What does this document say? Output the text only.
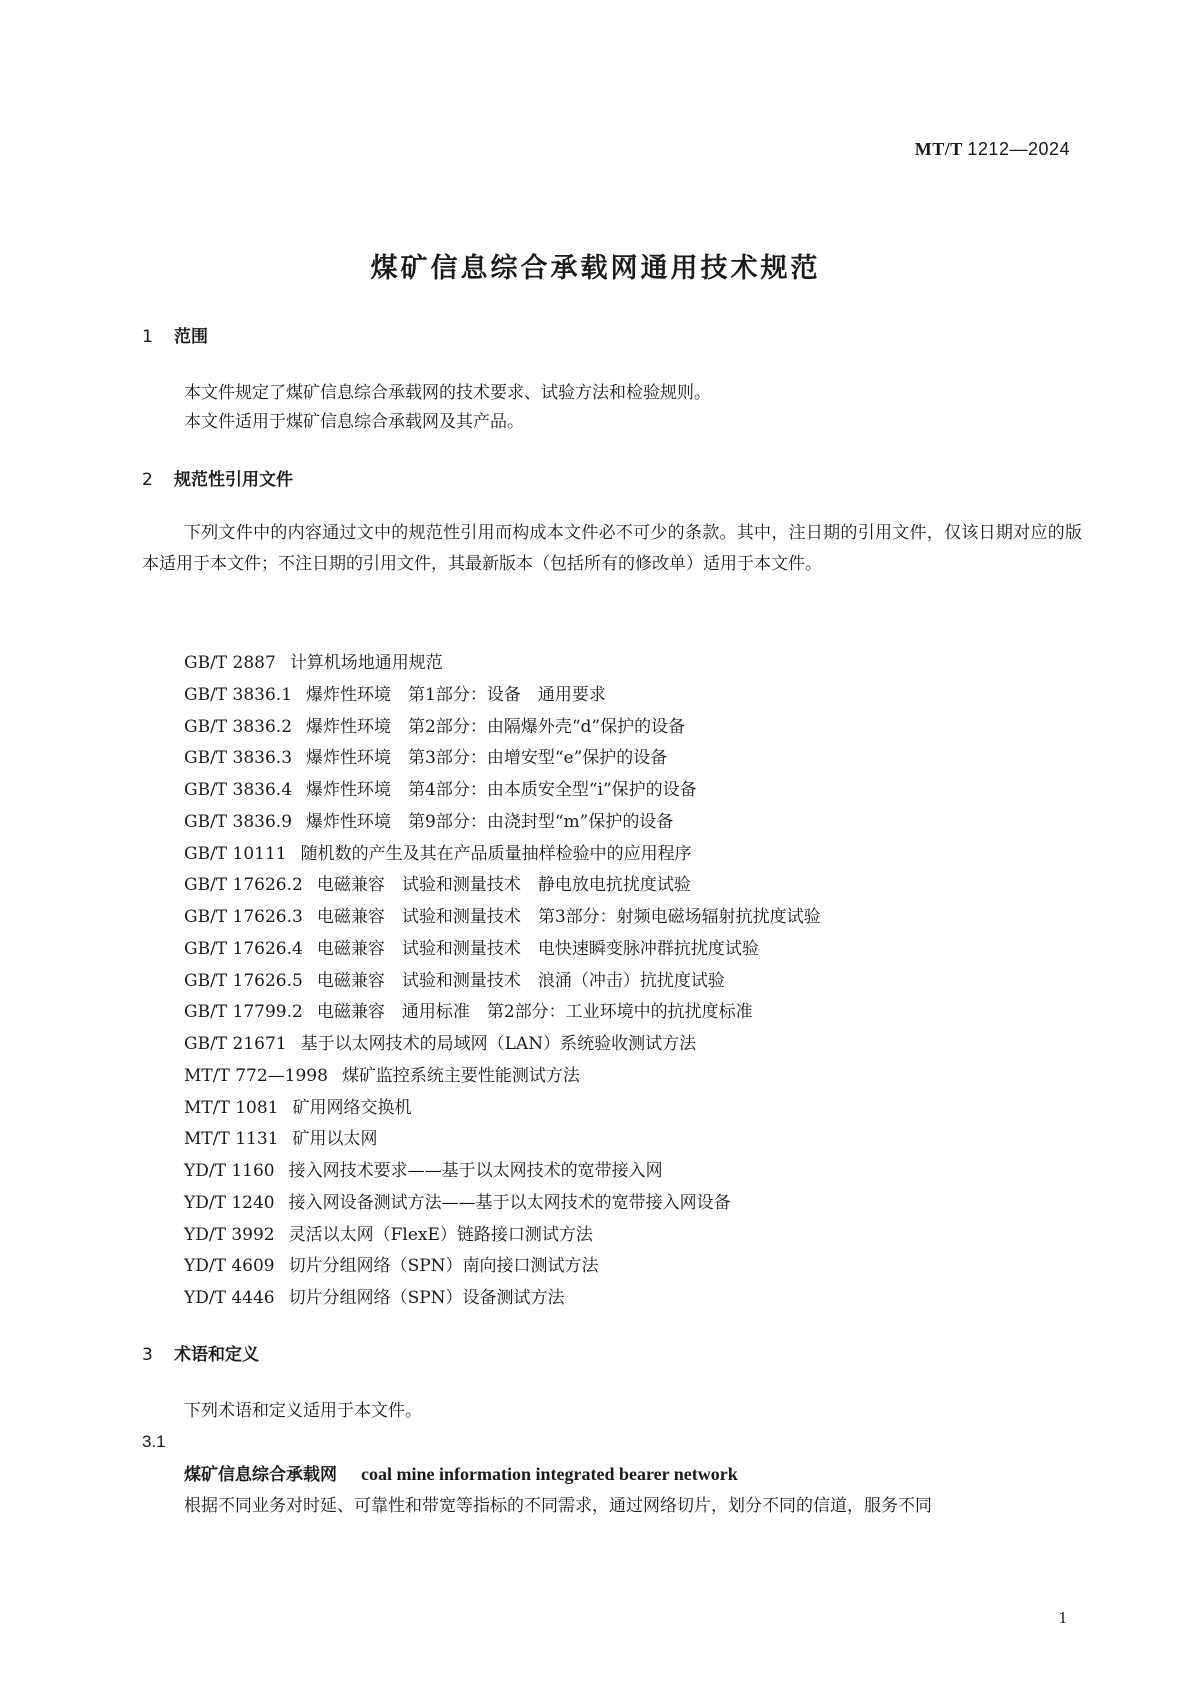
MT/T 1212—2024
煤矿信息综合承载网通用技术规范
1 范围
本文件规定了煤矿信息综合承载网的技术要求、试验方法和检验规则。
本文件适用于煤矿信息综合承载网及其产品。
2 规范性引用文件
下列文件中的内容通过文中的规范性引用而构成本文件必不可少的条款。其中，注日期的引用文件，仅该日期对应的版本适用于本文件；不注日期的引用文件，其最新版本（包括所有的修改单）适用于本文件。
GB/T 2887 计算机场地通用规范
GB/T 3836.1 爆炸性环境　第1部分：设备　通用要求
GB/T 3836.2 爆炸性环境　第2部分：由隔爆外壳“d”保护的设备
GB/T 3836.3 爆炸性环境　第3部分：由增安型“e”保护的设备
GB/T 3836.4 爆炸性环境　第4部分：由本质安全型“i”保护的设备
GB/T 3836.9 爆炸性环境　第9部分：由浇封型“m”保护的设备
GB/T 10111 随机数的产生及其在产品质量抽样检验中的应用程序
GB/T 17626.2 电磁兼容　试验和测量技术　静电放电抗扰度试验
GB/T 17626.3 电磁兼容　试验和测量技术　第3部分：射频电磁场辐射抗扰度试验
GB/T 17626.4 电磁兼容　试验和测量技术　电快速瞬变脉冲群抗扰度试验
GB/T 17626.5 电磁兼容　试验和测量技术　浪涌（冲击）抗扰度试验
GB/T 17799.2 电磁兼容　通用标准　第2部分：工业环境中的抗扰度标准
GB/T 21671 基于以太网技术的局域网（LAN）系统验收测试方法
MT/T 772—1998 煤矿监控系统主要性能测试方法
MT/T 1081 矿用网络交换机
MT/T 1131 矿用以太网
YD/T 1160 接入网技术要求——基于以太网技术的宽带接入网
YD/T 1240 接入网设备测试方法——基于以太网技术的宽带接入网设备
YD/T 3992 灵活以太网（FlexE）链路接口测试方法
YD/T 4609 切片分组网络（SPN）南向接口测试方法
YD/T 4446 切片分组网络（SPN）设备测试方法
3 术语和定义
下列术语和定义适用于本文件。
3.1
煤矿信息综合承载网 coal mine information integrated bearer network
根据不同业务对时延、可靠性和带宽等指标的不同需求，通过网络切片，划分不同的信道，服务不同
1
